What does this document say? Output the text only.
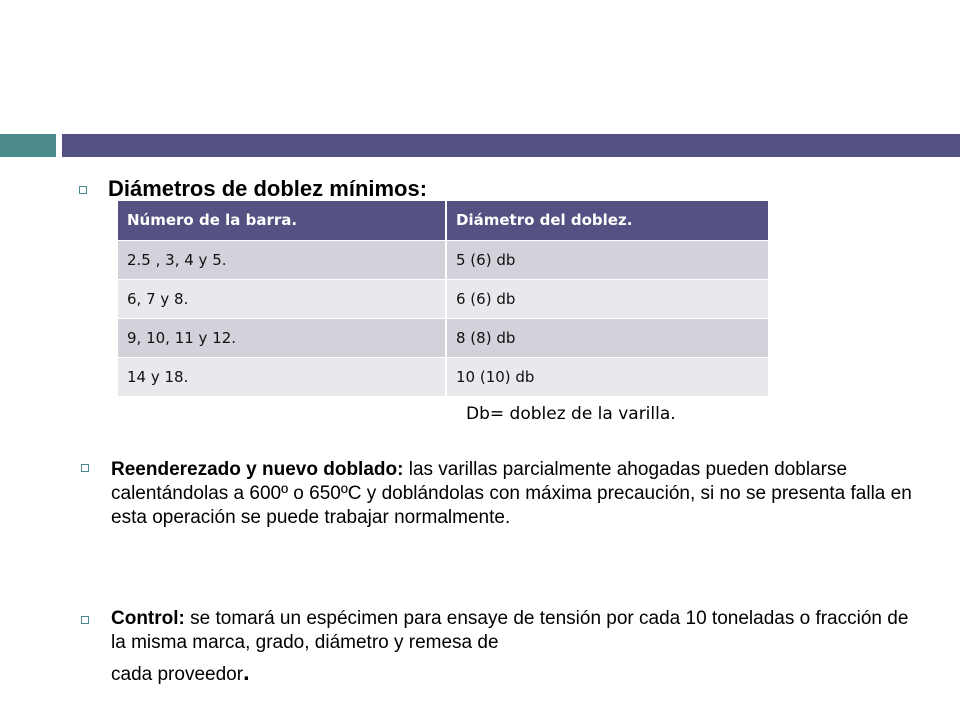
Diámetros de doblez mínimos:
Número de la barra.	Diámetro del doblez.
2.5 , 3, 4 y 5.	5 (6) db
6, 7 y 8.	6 (6) db
9, 10, 11 y 12.	8 (8) db
14 y 18.	10 (10) db
Db= doblez de la varilla.
Reenderezado y nuevo doblado: las varillas parcialmente ahogadas pueden doblarse calentándolas a 600º o 650ºC y doblándolas con máxima precaución, si no se presenta falla en esta operación se puede trabajar normalmente.
Control: se tomará un espécimen para ensaye de tensión por cada 10 toneladas o fracción de la misma marca, grado, diámetro y remesa de
cada proveedor.
